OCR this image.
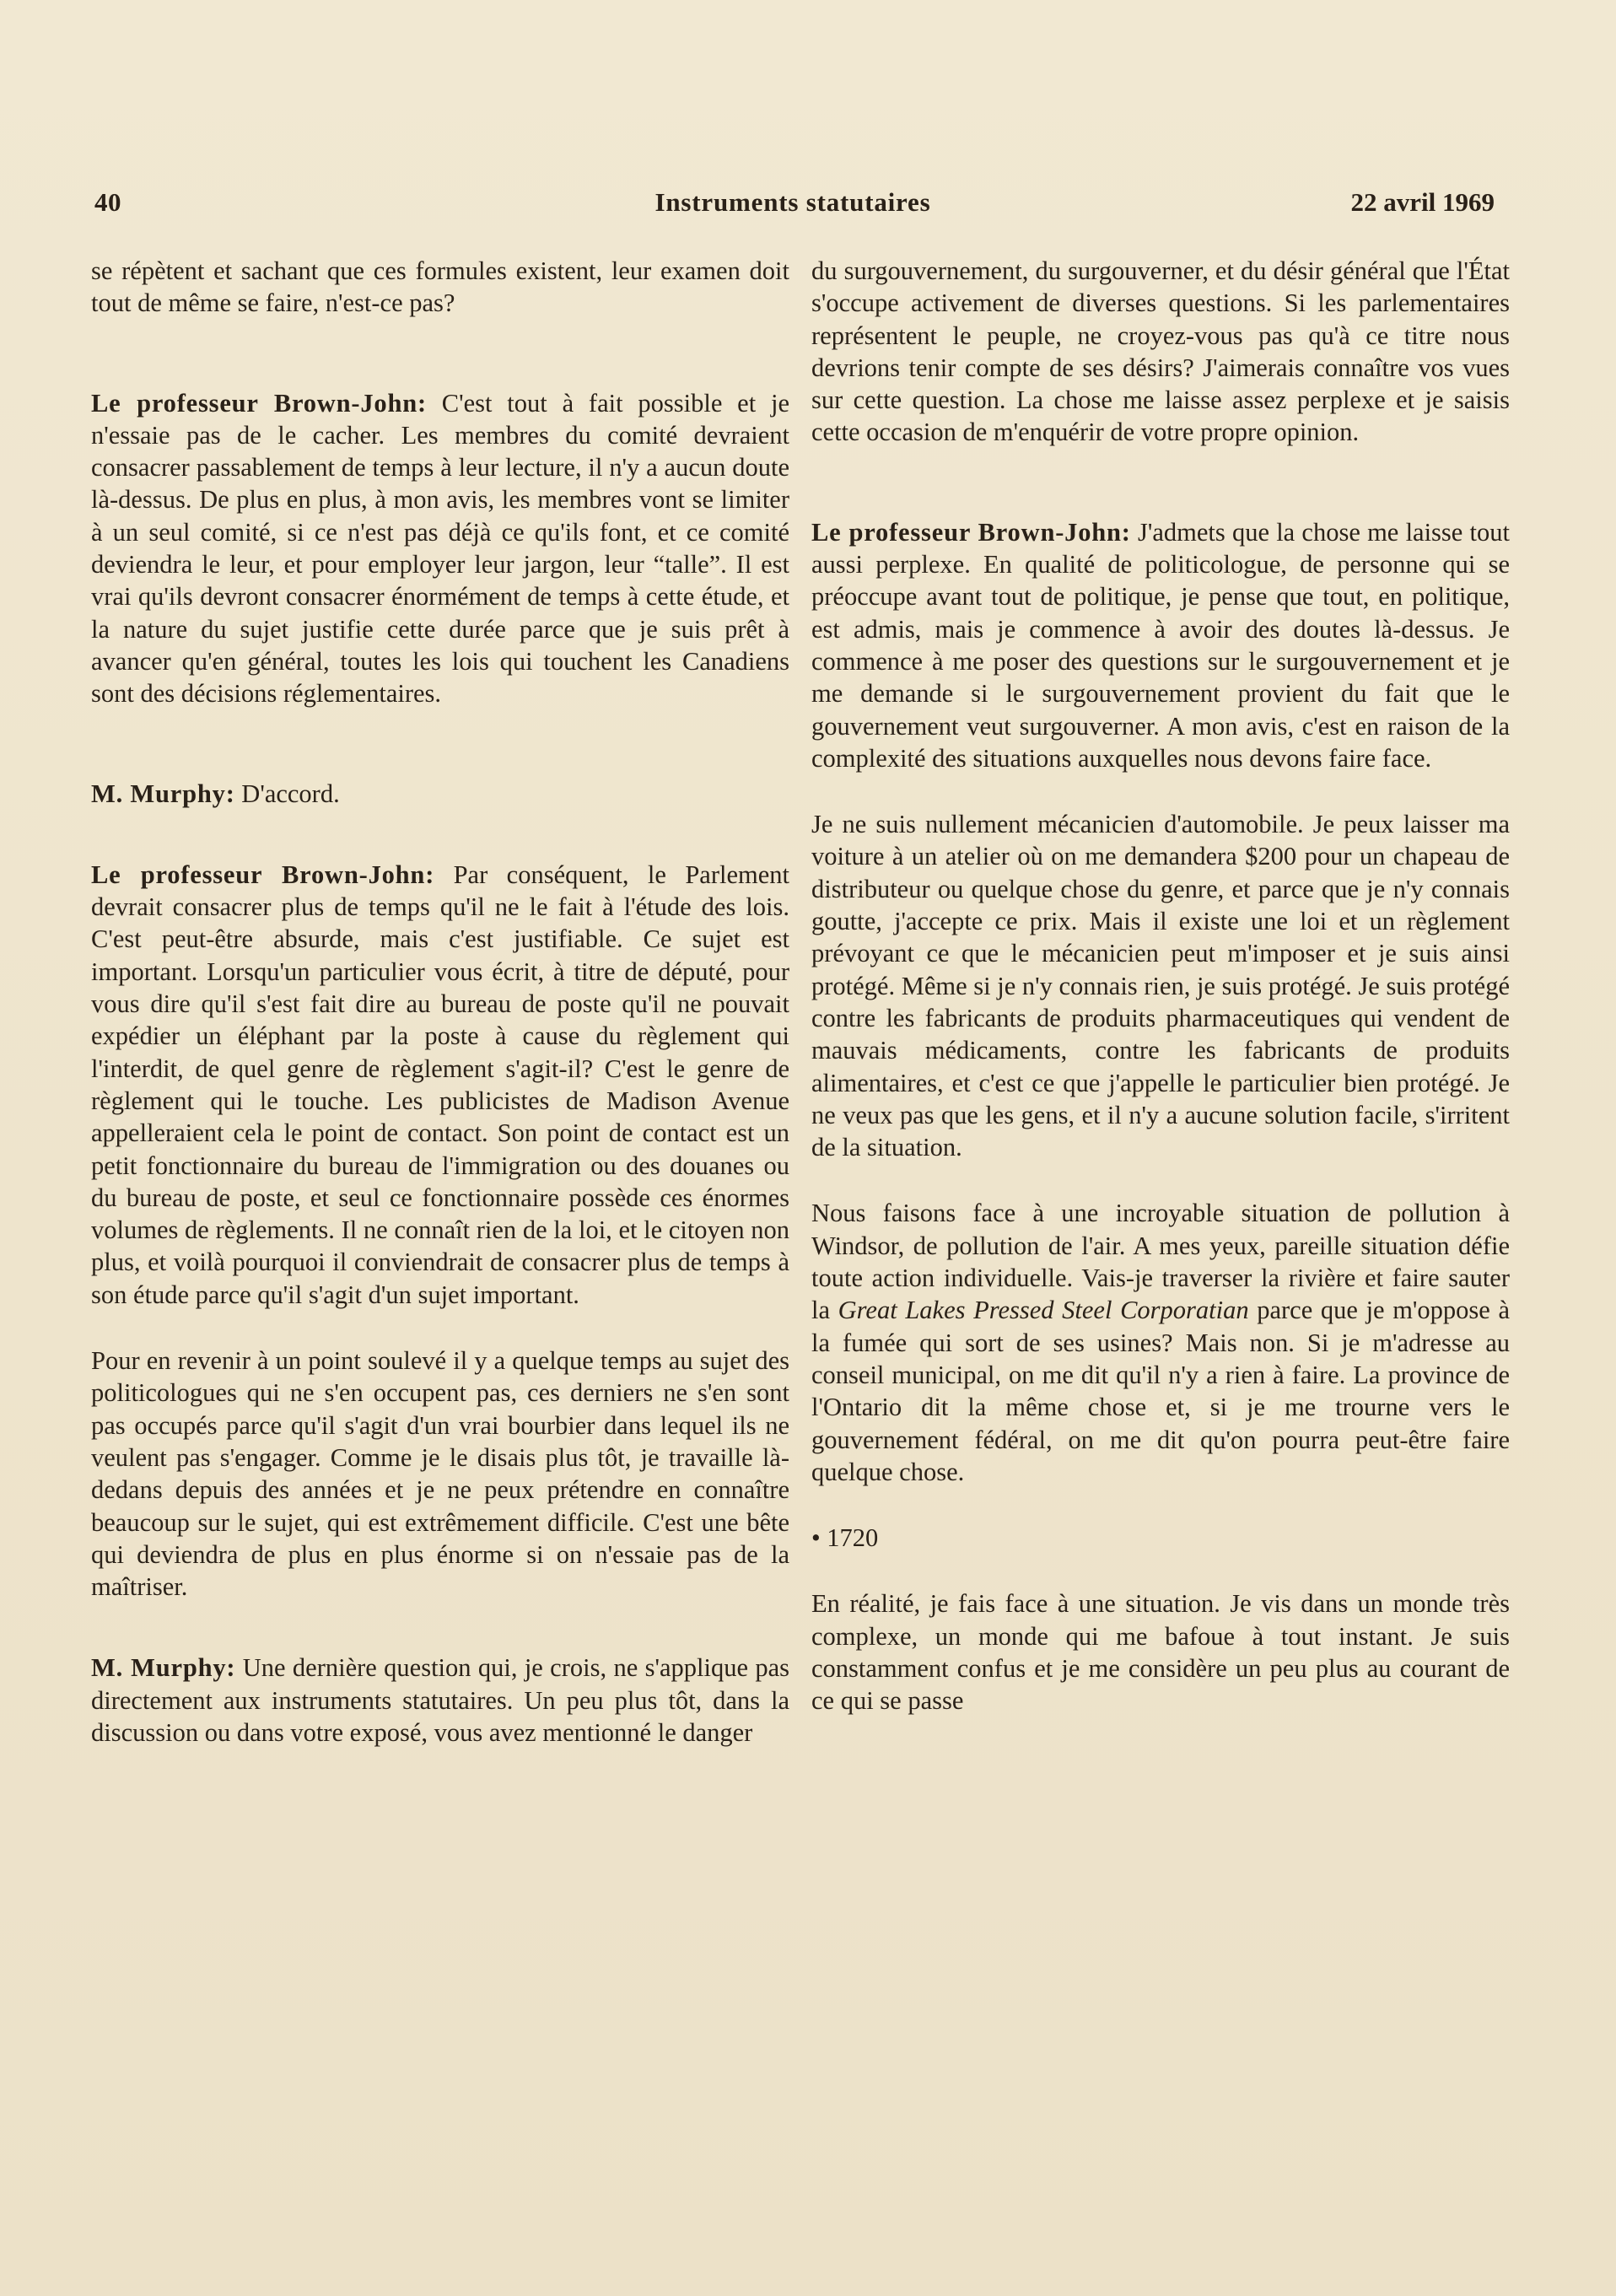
40	Instruments statutaires	22 avril 1969

se répètent et sachant que ces formules existent, leur examen doit tout de même se faire, n'est-ce pas?

Le professeur Brown-John: C'est tout à fait possible et je n'essaie pas de le cacher. Les membres du comité devraient consacrer passablement de temps à leur lecture, il n'y a aucun doute là-dessus. De plus en plus, à mon avis, les membres vont se limiter à un seul comité, si ce n'est pas déjà ce qu'ils font, et ce comité deviendra le leur, et pour employer leur jargon, leur “talle”. Il est vrai qu'ils devront consacrer énormément de temps à cette étude, et la nature du sujet justifie cette durée parce que je suis prêt à avancer qu'en général, toutes les lois qui touchent les Canadiens sont des décisions réglementaires.

M. Murphy: D'accord.

Le professeur Brown-John: Par conséquent, le Parlement devrait consacrer plus de temps qu'il ne le fait à l'étude des lois. C'est peut-être absurde, mais c'est justifiable. Ce sujet est important. Lorsqu'un particulier vous écrit, à titre de député, pour vous dire qu'il s'est fait dire au bureau de poste qu'il ne pouvait expédier un éléphant par la poste à cause du règlement qui l'interdit, de quel genre de règlement s'agit-il? C'est le genre de règlement qui le touche. Les publicistes de Madison Avenue appelleraient cela le point de contact. Son point de contact est un petit fonctionnaire du bureau de l'immigration ou des douanes ou du bureau de poste, et seul ce fonctionnaire possède ces énormes volumes de règlements. Il ne connaît rien de la loi, et le citoyen non plus, et voilà pourquoi il conviendrait de consacrer plus de temps à son étude parce qu'il s'agit d'un sujet important.

Pour en revenir à un point soulevé il y a quelque temps au sujet des politicologues qui ne s'en occupent pas, ces derniers ne s'en sont pas occupés parce qu'il s'agit d'un vrai bourbier dans lequel ils ne veulent pas s'engager. Comme je le disais plus tôt, je travaille là-dedans depuis des années et je ne peux prétendre en connaître beaucoup sur le sujet, qui est extrêmement difficile. C'est une bête qui deviendra de plus en plus énorme si on n'essaie pas de la maîtriser.

M. Murphy: Une dernière question qui, je crois, ne s'applique pas directement aux instruments statutaires. Un peu plus tôt, dans la discussion ou dans votre exposé, vous avez mentionné le danger

du surgouvernement, du surgouverner, et du désir général que l'État s'occupe activement de diverses questions. Si les parlementaires représentent le peuple, ne croyez-vous pas qu'à ce titre nous devrions tenir compte de ses désirs? J'aimerais connaître vos vues sur cette question. La chose me laisse assez perplexe et je saisis cette occasion de m'enquérir de votre propre opinion.

Le professeur Brown-John: J'admets que la chose me laisse tout aussi perplexe. En qualité de politicologue, de personne qui se préoccupe avant tout de politique, je pense que tout, en politique, est admis, mais je commence à avoir des doutes là-dessus. Je commence à me poser des questions sur le surgouvernement et je me demande si le surgouvernement provient du fait que le gouvernement veut surgouverner. A mon avis, c'est en raison de la complexité des situations auxquelles nous devons faire face.

Je ne suis nullement mécanicien d'automobile. Je peux laisser ma voiture à un atelier où on me demandera $200 pour un chapeau de distributeur ou quelque chose du genre, et parce que je n'y connais goutte, j'accepte ce prix. Mais il existe une loi et un règlement prévoyant ce que le mécanicien peut m'imposer et je suis ainsi protégé. Même si je n'y connais rien, je suis protégé. Je suis protégé contre les fabricants de produits pharmaceutiques qui vendent de mauvais médicaments, contre les fabricants de produits alimentaires, et c'est ce que j'appelle le particulier bien protégé. Je ne veux pas que les gens, et il n'y a aucune solution facile, s'irritent de la situation.

Nous faisons face à une incroyable situation de pollution à Windsor, de pollution de l'air. A mes yeux, pareille situation défie toute action individuelle. Vais-je traverser la rivière et faire sauter la Great Lakes Pressed Steel Corporatian parce que je m'oppose à la fumée qui sort de ses usines? Mais non. Si je m'adresse au conseil municipal, on me dit qu'il n'y a rien à faire. La province de l'Ontario dit la même chose et, si je me trourne vers le gouvernement fédéral, on me dit qu'on pourra peut-être faire quelque chose.

• 1720

En réalité, je fais face à une situation. Je vis dans un monde très complexe, un monde qui me bafoue à tout instant. Je suis constamment confus et je me considère un peu plus au courant de ce qui se passe
